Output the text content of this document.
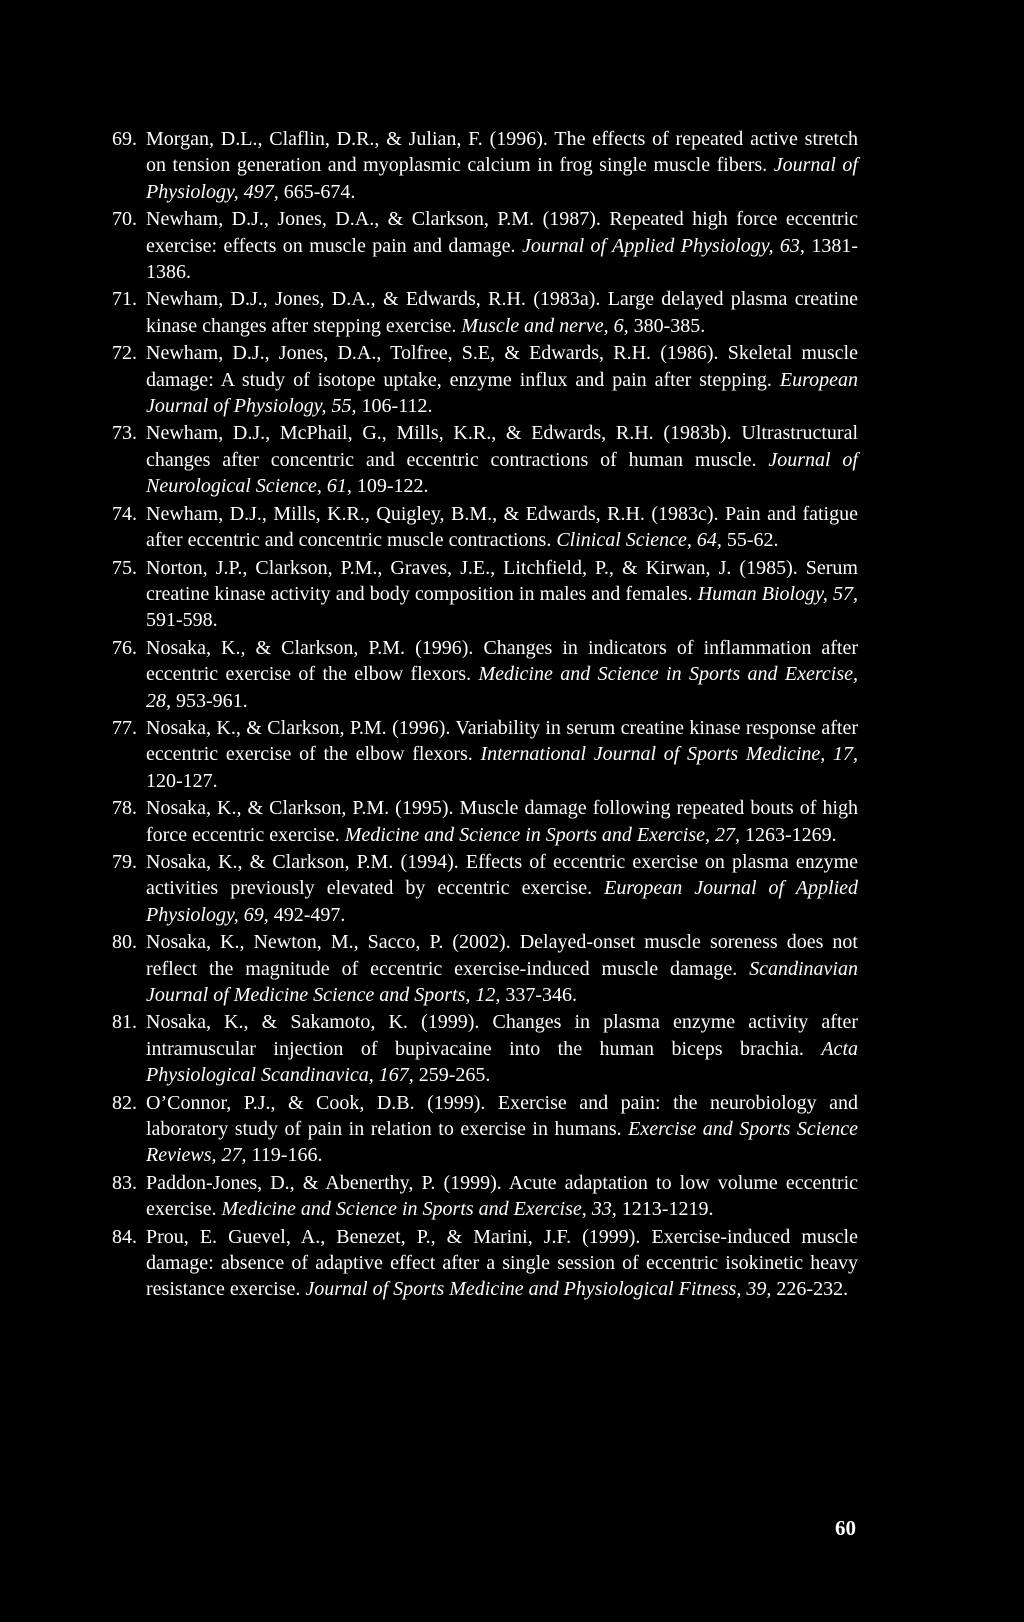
69. Morgan, D.L., Claflin, D.R., & Julian, F. (1996). The effects of repeated active stretch on tension generation and myoplasmic calcium in frog single muscle fibers. Journal of Physiology, 497, 665-674.
70. Newham, D.J., Jones, D.A., & Clarkson, P.M. (1987). Repeated high force eccentric exercise: effects on muscle pain and damage. Journal of Applied Physiology, 63, 1381-1386.
71. Newham, D.J., Jones, D.A., & Edwards, R.H. (1983a). Large delayed plasma creatine kinase changes after stepping exercise. Muscle and nerve, 6, 380-385.
72. Newham, D.J., Jones, D.A., Tolfree, S.E, & Edwards, R.H. (1986). Skeletal muscle damage: A study of isotope uptake, enzyme influx and pain after stepping. European Journal of Physiology, 55, 106-112.
73. Newham, D.J., McPhail, G., Mills, K.R., & Edwards, R.H. (1983b). Ultrastructural changes after concentric and eccentric contractions of human muscle. Journal of Neurological Science, 61, 109-122.
74. Newham, D.J., Mills, K.R., Quigley, B.M., & Edwards, R.H. (1983c). Pain and fatigue after eccentric and concentric muscle contractions. Clinical Science, 64, 55-62.
75. Norton, J.P., Clarkson, P.M., Graves, J.E., Litchfield, P., & Kirwan, J. (1985). Serum creatine kinase activity and body composition in males and females. Human Biology, 57, 591-598.
76. Nosaka, K., & Clarkson, P.M. (1996). Changes in indicators of inflammation after eccentric exercise of the elbow flexors. Medicine and Science in Sports and Exercise, 28, 953-961.
77. Nosaka, K., & Clarkson, P.M. (1996). Variability in serum creatine kinase response after eccentric exercise of the elbow flexors. International Journal of Sports Medicine, 17, 120-127.
78. Nosaka, K., & Clarkson, P.M. (1995). Muscle damage following repeated bouts of high force eccentric exercise. Medicine and Science in Sports and Exercise, 27, 1263-1269.
79. Nosaka, K., & Clarkson, P.M. (1994). Effects of eccentric exercise on plasma enzyme activities previously elevated by eccentric exercise. European Journal of Applied Physiology, 69, 492-497.
80. Nosaka, K., Newton, M., Sacco, P. (2002). Delayed-onset muscle soreness does not reflect the magnitude of eccentric exercise-induced muscle damage. Scandinavian Journal of Medicine Science and Sports, 12, 337-346.
81. Nosaka, K., & Sakamoto, K. (1999). Changes in plasma enzyme activity after intramuscular injection of bupivacaine into the human biceps brachia. Acta Physiological Scandinavica, 167, 259-265.
82. O’Connor, P.J., & Cook, D.B. (1999). Exercise and pain: the neurobiology and laboratory study of pain in relation to exercise in humans. Exercise and Sports Science Reviews, 27, 119-166.
83. Paddon-Jones, D., & Abenerthy, P. (1999). Acute adaptation to low volume eccentric exercise. Medicine and Science in Sports and Exercise, 33, 1213-1219.
84. Prou, E. Guevel, A., Benezet, P., & Marini, J.F. (1999). Exercise-induced muscle damage: absence of adaptive effect after a single session of eccentric isokinetic heavy resistance exercise. Journal of Sports Medicine and Physiological Fitness, 39, 226-232.
60
